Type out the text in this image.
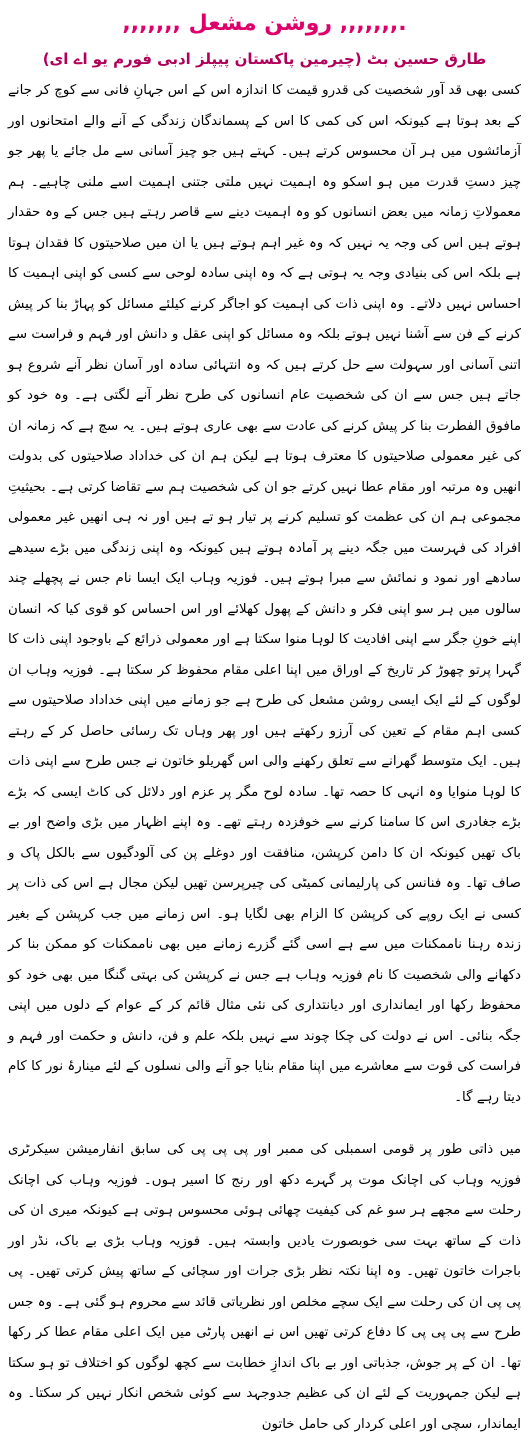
.,,,,,,, روشن مشعل ,,,,,,,
طارق حسین بٹ (چیرمین پاکستان پیپلز ادبی فورم یو اے ای)

کسی بھی قد آور شخصیت کی قدرو قیمت کا اندازہ اس کے اس جہانِ فانی سے کوچ کر جانے کے بعد ہوتا ہے کیونکہ اس کی کمی کا اس کے پسماندگان زندگی کے آنے والے امتحانوں اور آزمائشوں میں ہر آن محسوس کرتے ہیں۔ کہتے ہیں جو چیز آسانی سے مل جائے یا پھر جو چیز دستِ قدرت میں ہو اسکو وہ اہمیت نہیں ملتی جتنی اہمیت اسے ملنی چاہیے۔ ہم معمولاتِ زمانہ میں بعض انسانوں کو وہ اہمیت دینے سے قاصر رہتے ہیں جس کے وہ حقدار ہوتے ہیں اس کی وجہ یہ نہیں کہ وہ غیر اہم ہوتے ہیں یا ان میں صلاحیتوں کا فقدان ہوتا ہے بلکہ اس کی بنیادی وجہ یہ ہوتی ہے کہ وہ اپنی سادہ لوحی سے کسی کو اپنی اہمیت کا احساس نہیں دلاتے۔ وہ اپنی ذات کی اہمیت کو اجاگر کرنے کیلئے مسائل کو پہاڑ بنا کر پیش کرنے کے فن سے آشنا نہیں ہوتے بلکہ وہ مسائل کو اپنی عقل و دانش اور فہم و فراست سے اتنی آسانی اور سہولت سے حل کرتے ہیں کہ وہ انتہائی سادہ اور آسان نظر آنے شروع ہو جاتے ہیں جس سے ان کی شخصیت عام انسانوں کی طرح نظر آنے لگتی ہے۔ وہ خود کو مافوق الفطرت بنا کر پیش کرنے کی عادت سے بھی عاری ہوتے ہیں۔ یہ سچ ہے کہ زمانہ ان کی غیر معمولی صلاحیتوں کا معترف ہوتا ہے لیکن ہم ان کی خداداد صلاحیتوں کی بدولت انھیں وہ مرتبہ اور مقام عطا نہیں کرتے جو ان کی شخصیت ہم سے تقاضا کرتی ہے۔ بحیثیتِ مجموعی ہم ان کی عظمت کو تسلیم کرنے پر تیار ہو تے ہیں اور نہ ہی انھیں غیر معمولی افراد کی فہرست میں جگہ دینے پر آمادہ ہوتے ہیں کیونکہ وہ اپنی زندگی میں بڑے سیدھے سادھے اور نمود و نمائش سے مبرا ہوتے ہیں۔ فوزیہ وہاب ایک ایسا نام جس نے پچھلے چند سالوں میں ہر سو اپنی فکر و دانش کے پھول کھلائے اور اس احساس کو قوی کیا کہ انسان اپنے خونِ جگر سے اپنی افادیت کا لوہا منوا سکتا ہے اور معمولی ذرائع کے باوجود اپنی ذات کا گہرا پرتو چھوڑ کر تاریخ کے اوراق میں اپنا اعلی مقام محفوظ کر سکتا ہے۔ فوزیہ وہاب ان لوگوں کے لئے ایک ایسی روشن مشعل کی طرح ہے جو زمانے میں اپنی خداداد صلاحیتوں سے کسی اہم مقام کے تعین کی آرزو رکھتے ہیں اور پھر وہاں تک رسائی حاصل کر کے رہتے ہیں۔ ایک متوسط گھرانے سے تعلق رکھنے والی اس گھریلو خاتون نے جس طرح سے اپنی ذات کا لوہا منوایا وہ انہی کا حصہ تھا۔ سادہ لوح مگر پر عزم اور دلائل کی کاٹ ایسی کہ بڑے بڑے جغادری اس کا سامنا کرنے سے خوفزدہ رہتے تھے۔ وہ اپنے اظہار میں بڑی واضح اور بے باک تھیں کیونکہ ان کا دامن کرپشن، منافقت اور دوغلے پن کی آلودگیوں سے بالکل پاک و صاف تھا۔ وہ فنانس کی پارلیمانی کمیٹی کی چیرپرسن تھیں لیکن مجال ہے اس کی ذات پر کسی نے ایک روپے کی کرپشن کا الزام بھی لگایا ہو۔ اس زمانے میں جب کرپشن کے بغیر زندہ رہنا ناممکنات میں سے ہے اسی گئے گزرے زمانے میں بھی ناممکنات کو ممکن بنا کر دکھانے والی شخصیت کا نام فوزیہ وہاب ہے جس نے کرپشن کی بہتی گنگا میں بھی خود کو محفوظ رکھا اور ایمانداری اور دیانتداری کی نئی مثال قائم کر کے عوام کے دلوں میں اپنی جگہ بنائی۔ اس نے دولت کی چکا چوند سے نہیں بلکہ علم و فن، دانش و حکمت اور فہم و فراست کی قوت سے معاشرے میں اپنا مقام بنایا جو آنے والی نسلوں کے لئے مینارۂ نور کا کام دیتا رہے گا۔

میں ذاتی طور پر قومی اسمبلی کی ممبر اور پی پی پی کی سابق انفارمیشن سیکرٹری فوزیہ وہاب کی اچانک موت پر گہرے دکھ اور رنج کا اسیر ہوں۔ فوزیہ وہاب کی اچانک رحلت سے مجھے ہر سو غم کی کیفیت چھائی ہوئی محسوس ہوتی ہے کیونکہ میری ان کی ذات کے ساتھ بہت سی خوبصورت یادیں وابستہ ہیں۔ فوزیہ وہاب بڑی بے باک، نڈر اور باجرات خاتون تھیں۔ وہ اپنا نکتہ نظر بڑی جرات اور سچائی کے ساتھ پیش کرتی تھیں۔ پی پی پی ان کی رحلت سے ایک سچے مخلص اور نظریاتی قائد سے محروم ہو گئی ہے۔ وہ جس طرح سے پی پی پی کا دفاع کرتی تھیں اس نے انھیں پارٹی میں ایک اعلی مقام عطا کر رکھا تھا۔ ان کے پر جوش، جذباتی اور بے باک اندازِ خطابت سے کچھ لوگوں کو اختلاف تو ہو سکتا ہے لیکن جمہوریت کے لئے ان کی عظیم جدوجہد سے کوئی شخص انکار نہیں کر سکتا۔ وہ ایماندار، سچی اور اعلی کردار کی حامل خاتون
